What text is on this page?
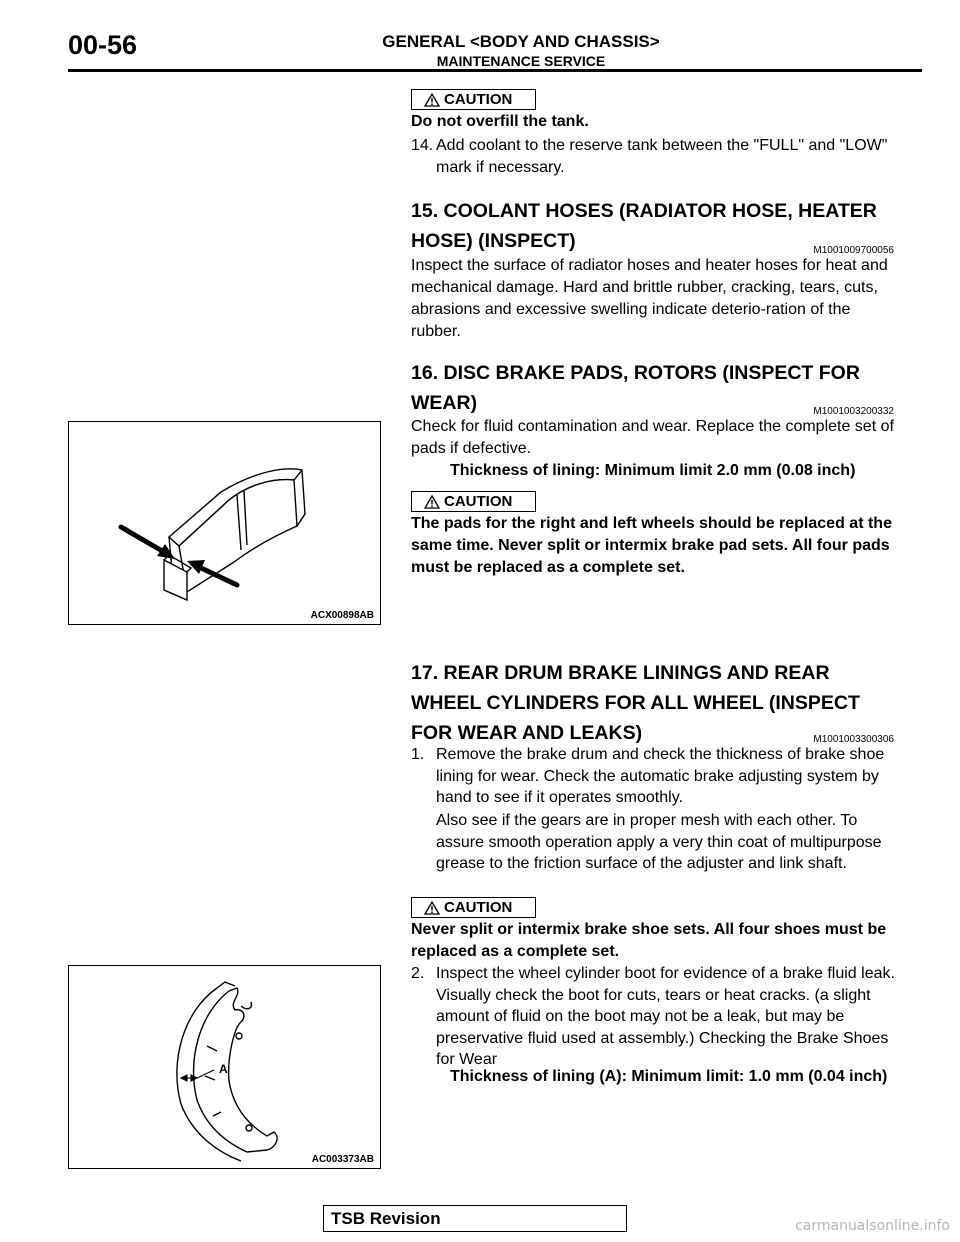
00-56	GENERAL <BODY AND CHASSIS>
MAINTENANCE SERVICE
CAUTION
Do not overfill the tank.
14. Add coolant to the reserve tank between the "FULL" and "LOW" mark if necessary.
15. COOLANT HOSES (RADIATOR HOSE, HEATER HOSE) (INSPECT)	M1001009700056
Inspect the surface of radiator hoses and heater hoses for heat and mechanical damage. Hard and brittle rubber, cracking, tears, cuts, abrasions and excessive swelling indicate deterio-ration of the rubber.
16. DISC BRAKE PADS, ROTORS (INSPECT FOR WEAR)	M1001003200332
Check for fluid contamination and wear. Replace the complete set of pads if defective.
Thickness of lining: Minimum limit 2.0 mm (0.08 inch)
CAUTION
The pads for the right and left wheels should be replaced at the same time. Never split or intermix brake pad sets. All four pads must be replaced as a complete set.
ACX00898AB
17. REAR DRUM BRAKE LININGS AND REAR WHEEL CYLINDERS FOR ALL WHEEL (INSPECT FOR WEAR AND LEAKS)	M1001003300306
1. Remove the brake drum and check the thickness of brake shoe lining for wear. Check the automatic brake adjusting system by hand to see if it operates smoothly.
Also see if the gears are in proper mesh with each other. To assure smooth operation apply a very thin coat of multipurpose grease to the friction surface of the adjuster and link shaft.
CAUTION
Never split or intermix brake shoe sets. All four shoes must be replaced as a complete set.
2. Inspect the wheel cylinder boot for evidence of a brake fluid leak. Visually check the boot for cuts, tears or heat cracks. (a slight amount of fluid on the boot may not be a leak, but may be preservative fluid used at assembly.) Checking the Brake Shoes for Wear
Thickness of lining (A): Minimum limit: 1.0 mm (0.04 inch)
A
AC003373AB
TSB Revision	carmanualsonline.info
